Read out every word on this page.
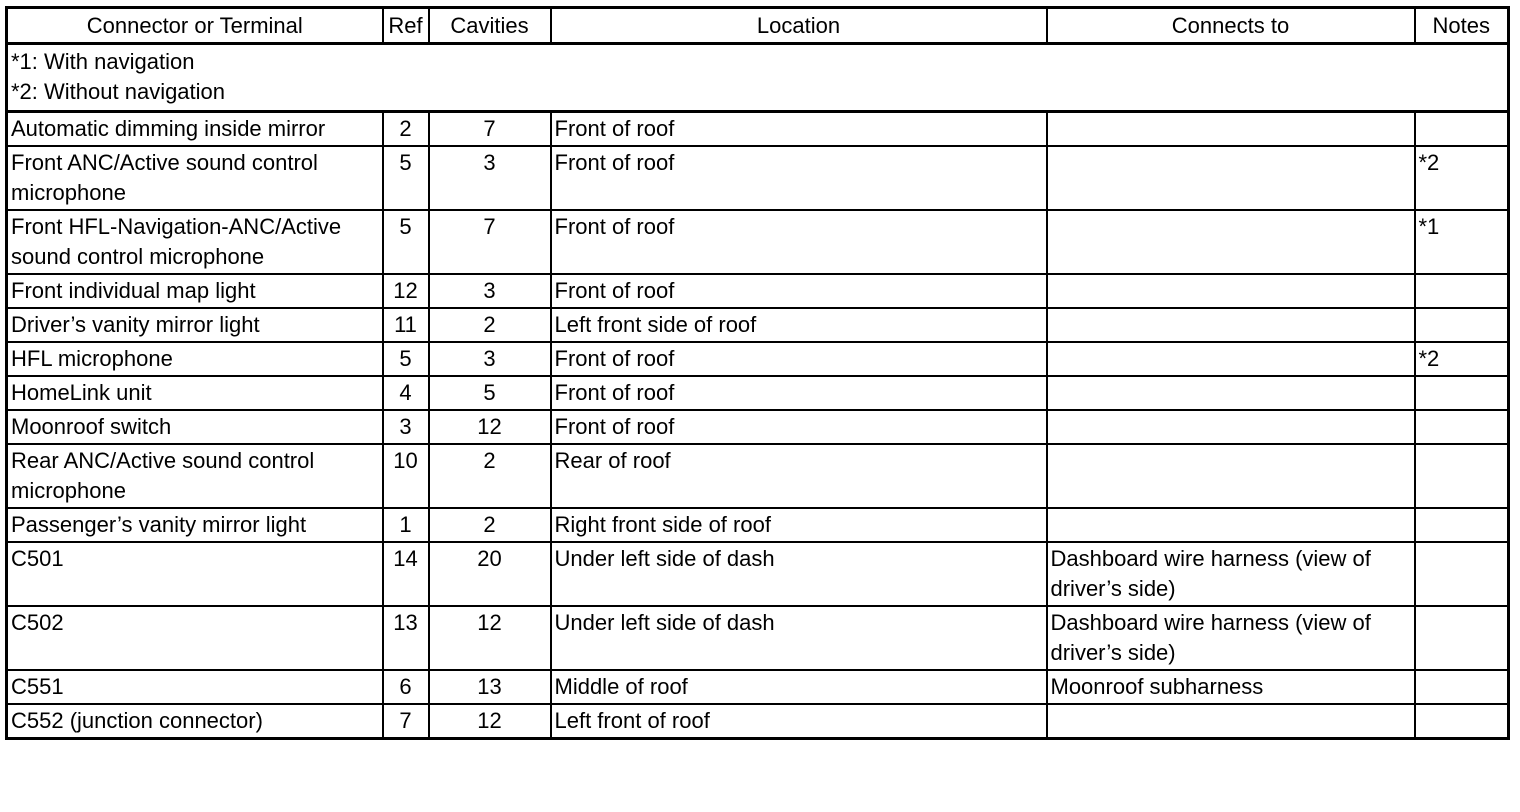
Connector or Terminal	Ref	Cavities	Location	Connects to	Notes

*1: With navigation
*2: Without navigation					

Automatic dimming inside mirror	2	7	Front of roof		
Front ANC/Active sound control microphone	5	3	Front of roof		*2
Front HFL-Navigation-ANC/Active sound control microphone	5	7	Front of roof		*1
Front individual map light	12	3	Front of roof		
Driver’s vanity mirror light	11	2	Left front side of roof		
HFL microphone	5	3	Front of roof		*2
HomeLink unit	4	5	Front of roof		
Moonroof switch	3	12	Front of roof		
Rear ANC/Active sound control microphone	10	2	Rear of roof		
Passenger’s vanity mirror light	1	2	Right front side of roof		
C501	14	20	Under left side of dash	Dashboard wire harness (view of driver’s side)	
C502	13	12	Under left side of dash	Dashboard wire harness (view of driver’s side)	
C551	6	13	Middle of roof	Moonroof subharness	
C552 (junction connector)	7	12	Left front of roof		
